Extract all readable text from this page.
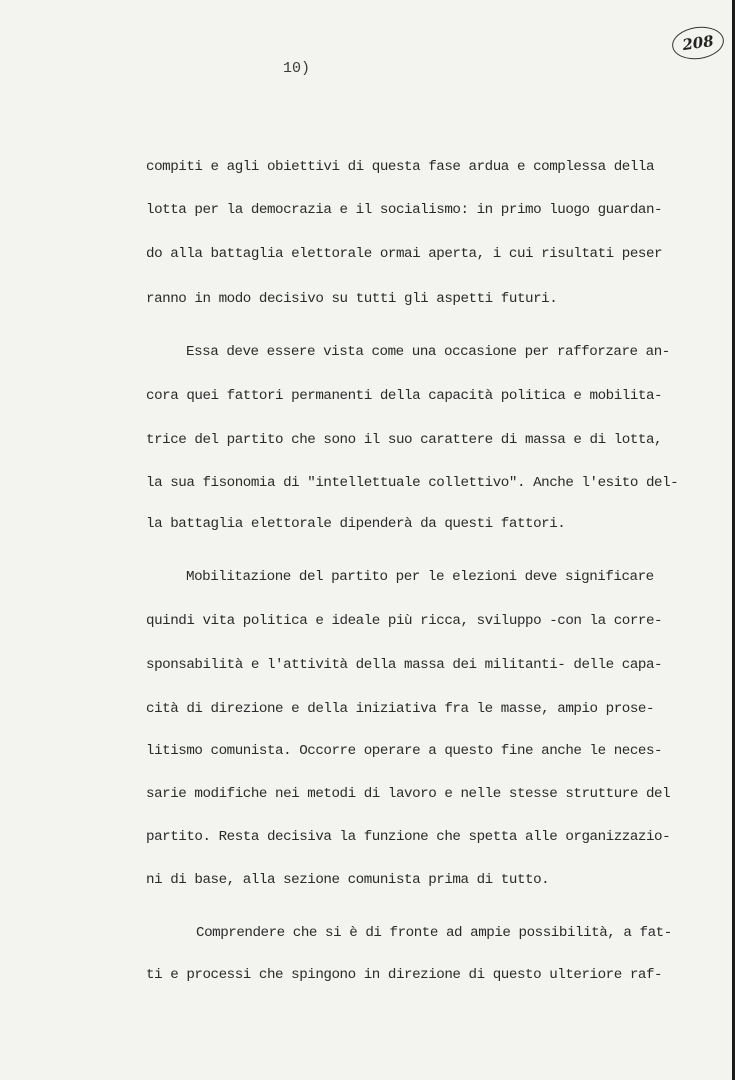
10)
208
compiti e agli obiettivi di questa fase ardua e complessa della
lotta per la democrazia e il socialismo: in primo luogo guardan-
do alla battaglia elettorale ormai aperta, i cui risultati peser
ranno in modo decisivo su tutti gli aspetti futuri.
Essa deve essere vista come una occasione per rafforzare an-
cora quei fattori permanenti della capacità politica e mobilita-
trice del partito che sono il suo carattere di massa e di lotta,
la sua fisonomia di "intellettuale collettivo". Anche l'esito del-
la battaglia elettorale dipenderà da questi fattori.
Mobilitazione del partito per le elezioni deve significare
quindi vita politica e ideale più ricca, sviluppo -con la corre-
sponsabilità e l'attività della massa dei militanti- delle capa-
cità di direzione e della iniziativa fra le masse, ampio prose-
litismo comunista. Occorre operare a questo fine anche le neces-
sarie modifiche nei metodi di lavoro e nelle stesse strutture del
partito. Resta decisiva la funzione che spetta alle organizzazio-
ni di base, alla sezione comunista prima di tutto.
Comprendere che si è di fronte ad ampie possibilità, a fat-
ti e processi che spingono in direzione di questo ulteriore raf-
